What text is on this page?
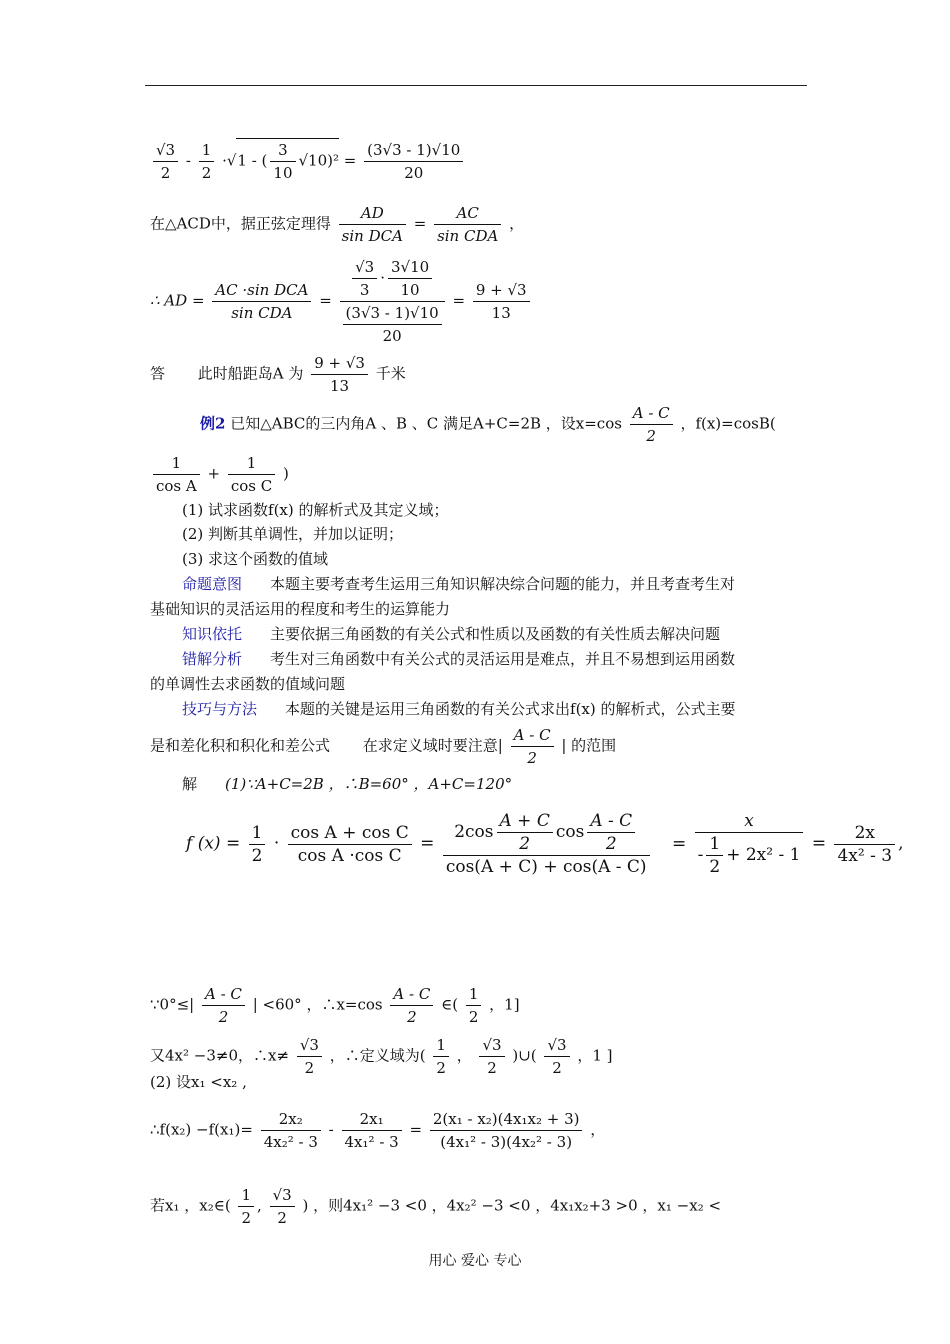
$\frac{√3}{2} - \frac{1}{2} \cdot√1$ - ( $\frac{3}{10} √10)^2 = \frac{(3√3 - 1)√10}{20}$
在△ACD中，据正弦定理得 $\frac{AD}{\text{sin DCA}} = \frac{AC}{\text{sin CDA}}$ ，
∴ AD = $\frac{\text{AC ·sin DCA}}{\text{sin CDA}} = \frac{√3}{3} \cdot \frac{3√10}{10}$
(3√3 - 1)√10
$20 = \frac{9 + √3}{13}$
答 此时船距岛A 为 $\frac{9 + √3}{13}$ 千米
例2 已知△ABC的三内角A 、B 、C 满足A+C=2B ，设$x=\cos \frac{A - C}{2}$ ，f(x)=cosB(
$\frac{1}{\text{cos A}} + \frac{1}{\text{cos C}}$ )
(1) 试求函数f(x) 的解析式及其定义域；
(2) 判断其单调性，并加以证明；
(3) 求这个函数的值域
命题意图 本题主要考查考生运用三角知识解决综合问题的能力，并且考查考生对
基础知识的灵活运用的程度和考生的运算能力
知识依托 主要依据三角函数的有关公式和性质以及函数的有关性质去解决问题
错解分析 考生对三角函数中有关公式的灵活运用是难点，并且不易想到运用函数
的单调性去求函数的值域问题
技巧与方法 本题的关键是运用三角函数的有关公式求出f(x) 的解析式，公式主要
是和差化积和积化和差公式 在求定义域时要注意| $\frac{A - C}{2}$ | 的范围
解 (1)∵A+C=2B ，∴B=60° ，A+C=120°
f $(x) = \frac{1}{2} \cdot \frac{\text{cos A + cos C}}{\text{cos A ·cos C}} = \frac{2\cos \frac{A + C}{2} \cos \frac{A - C}{2}}{\cos(A + C) + \cos(A - C)} = \frac{x}{- \frac{1}{2} + 2x^2 - 1} = \frac{2x}{\text{4x² - 3}}$ ,
∵0°≤| $\frac{A - C}{2}$ | <60° ，∴x=cos $\frac{A - C}{2}$ ∈( $\frac{1}{2}$ ，1]
又4x² −3≠0，∴x≠ $\frac{√3}{2}$ ，∴定义域为( $\frac{1}{2}$ ， $\frac{√3}{2}$ )∪( $\frac{√3}{2}$ ，1 ]
(2) 设x₁ <x₂ ,
∴f(x₂) $-f(x_1)= \frac{\text{2x₂}}{\text{4x₂² - 3}} - \frac{\text{2x₁}}{\text{4x₁² - 3}} = \frac{\text{2(x₁ - x₂)(4x₁x₂ + 3)}}{\text{(4x₁² - 3)(4x₂² - 3)}}$ ，
若x₁ ，x₂∈( $\frac{1}{2}$ , $\frac{√3}{2}$ ) ，则4x₁² −3 <0 ，4x₂² −3 <0 ，4x₁x₂+3 >0 ，x₁ −x₂ <
用心 爱心 专心
